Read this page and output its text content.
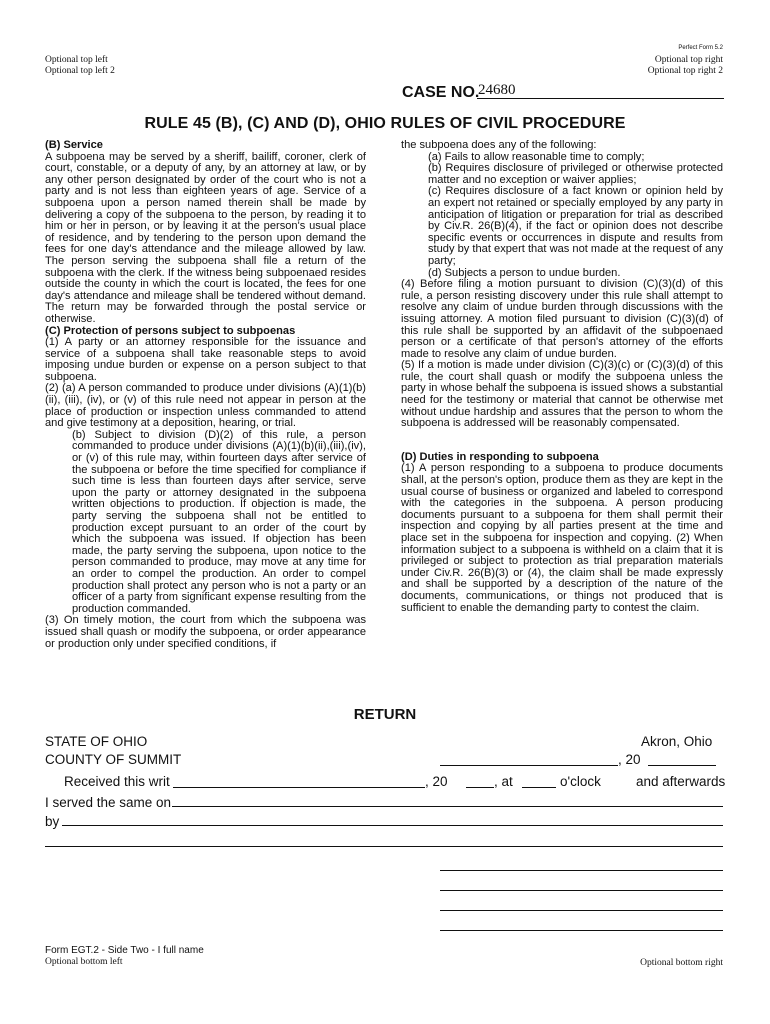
Perfect Form 5.2
Optional top left
Optional top left 2
Optional top right
Optional top right 2
CASE NO.
24680
RULE 45 (B), (C) AND (D), OHIO RULES OF CIVIL PROCEDURE

(B) Service

A subpoena may be served by a sheriff, bailiff, coroner, clerk of court, constable, or a deputy of any, by an attorney at law, or by any other person designated by order of the court who is not a party and is not less than eighteen years of age. Service of a subpoena upon a person named therein shall be made by delivering a copy of the subpoena to the person, by reading it to him or her in person, or by leaving it at the person's usual place of residence, and by tendering to the person upon demand the fees for one day's attendance and the mileage allowed by law. The person serving the subpoena shall file a return of the subpoena with the clerk. If the witness being subpoenaed resides outside the county in which the court is located, the fees for one day's attendance and mileage shall be tendered without demand. The return may be forwarded through the postal service or otherwise.

(C) Protection of persons subject to subpoenas

(1) A party or an attorney responsible for the issuance and service of a subpoena shall take reasonable steps to avoid imposing undue burden or expense on a person subject to that subpoena.

(2) (a) A person commanded to produce under divisions (A)(1)(b)(ii), (iii), (iv), or (v) of this rule need not appear in person at the place of production or inspection unless commanded to attend and give testimony at a deposition, hearing, or trial.

(b) Subject to division (D)(2) of this rule, a person commanded to produce under divisions (A)(1)(b)(ii),(iii),(iv), or (v) of this rule may, within fourteen days after service of the subpoena or before the time specified for compliance if such time is less than fourteen days after service, serve upon the party or attorney designated in the subpoena written objections to production. If objection is made, the party serving the subpoena shall not be entitled to production except pursuant to an order of the court by which the subpoena was issued. If objection has been made, the party serving the subpoena, upon notice to the person commanded to produce, may move at any time for an order to compel the production. An order to compel production shall protect any person who is not a party or an officer of a party from significant expense resulting from the production commanded.

(3) On timely motion, the court from which the subpoena was issued shall quash or modify the subpoena, or order appearance or production only under specified conditions, if

the subpoena does any of the following:

(a) Fails to allow reasonable time to comply;

(b) Requires disclosure of privileged or otherwise protected matter and no exception or waiver applies;

(c) Requires disclosure of a fact known or opinion held by an expert not retained or specially employed by any party in anticipation of litigation or preparation for trial as described by Civ.R. 26(B)(4), if the fact or opinion does not describe specific events or occurrences in dispute and results from study by that expert that was not made at the request of any party;

(d) Subjects a person to undue burden.

(4) Before filing a motion pursuant to division (C)(3)(d) of this rule, a person resisting discovery under this rule shall attempt to resolve any claim of undue burden through discussions with the issuing attorney. A motion filed pursuant to division (C)(3)(d) of this rule shall be supported by an affidavit of the subpoenaed person or a certificate of that person's attorney of the efforts made to resolve any claim of undue burden.

(5) If a motion is made under division (C)(3)(c) or (C)(3)(d) of this rule, the court shall quash or modify the subpoena unless the party in whose behalf the subpoena is issued shows a substantial need for the testimony or material that cannot be otherwise met without undue hardship and assures that the person to whom the subpoena is addressed will be reasonably compensated.

(D) Duties in responding to subpoena

(1) A person responding to a subpoena to produce documents shall, at the person's option, produce them as they are kept in the usual course of business or organized and labeled to correspond with the categories in the subpoena. A person producing documents pursuant to a subpoena for them shall permit their inspection and copying by all parties present at the time and place set in the subpoena for inspection and copying. (2) When information subject to a subpoena is withheld on a claim that it is privileged or subject to protection as trial preparation materials under Civ.R. 26(B)(3) or (4), the claim shall be made expressly and shall be supported by a description of the nature of the documents, communications, or things not produced that is sufficient to enable the demanding party to contest the claim.

RETURN
STATE OF OHIO
COUNTY OF SUMMIT
Akron, Ohio
, 20
Received this writ	, 20	, at	o'clock	and afterwards
I served the same on
by
Form EGT.2 - Side Two - I full name
Optional bottom left	Optional bottom right
